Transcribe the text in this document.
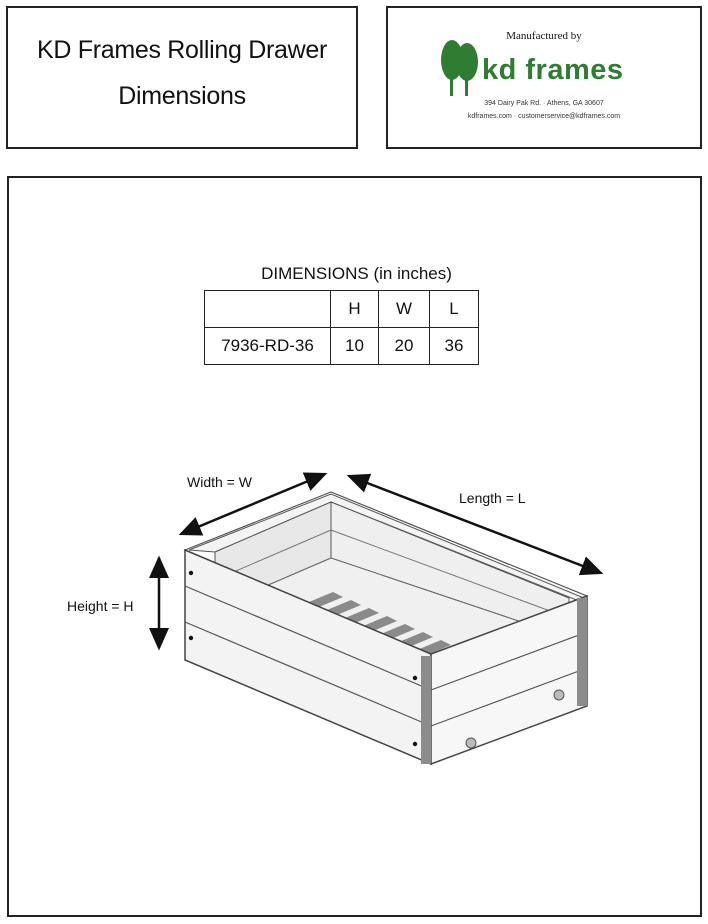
KD Frames Rolling Drawer
Dimensions
Manufactured by
kd frames
394 Dairy Pak Rd. · Athens, GA 30607
kdframes.com · customerservice@kdframes.com
DIMENSIONS (in inches)
	H	W	L
7936-RD-36	10	20	36
Width = W
Length = L
Height = H
